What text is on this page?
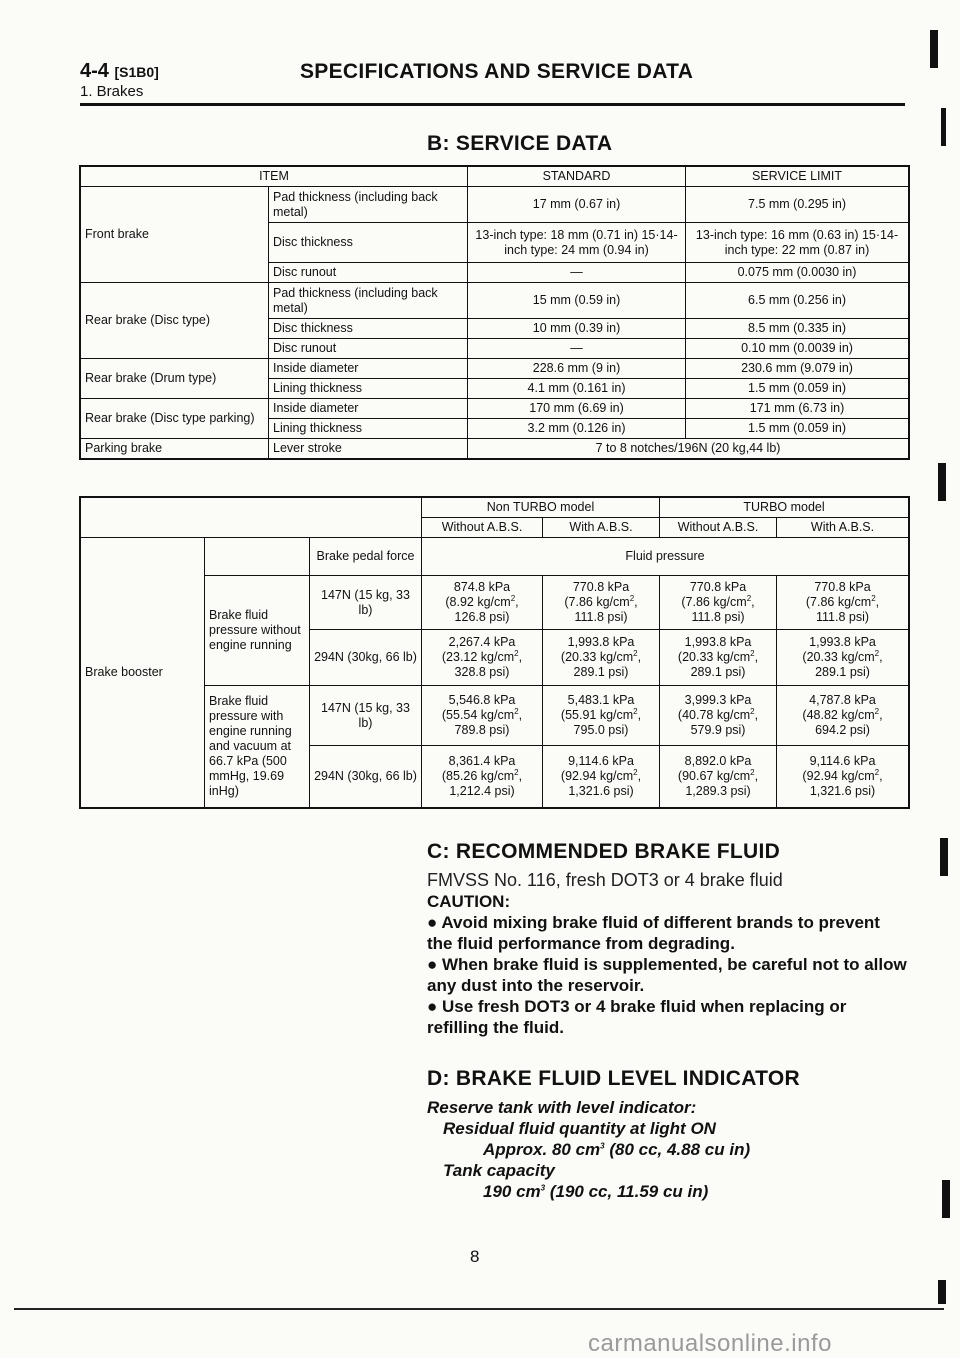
4-4 [S1B0]	SPECIFICATIONS AND SERVICE DATA
1. Brakes
B: SERVICE DATA
ITEM		STANDARD	SERVICE LIMIT
Front brake	Pad thickness (including back metal)	17 mm (0.67 in)	7.5 mm (0.295 in)
	Disc thickness	13-inch type: 18 mm (0.71 in) 15·14-inch type: 24 mm (0.94 in)	13-inch type: 16 mm (0.63 in) 15·14-inch type: 22 mm (0.87 in)
	Disc runout	—	0.075 mm (0.0030 in)
Rear brake (Disc type)	Pad thickness (including back metal)	15 mm (0.59 in)	6.5 mm (0.256 in)
	Disc thickness	10 mm (0.39 in)	8.5 mm (0.335 in)
	Disc runout	—	0.10 mm (0.0039 in)
Rear brake (Drum type)	Inside diameter	228.6 mm (9 in)	230.6 mm (9.079 in)
	Lining thickness	4.1 mm (0.161 in)	1.5 mm (0.059 in)
Rear brake (Disc type parking)	Inside diameter	170 mm (6.69 in)	171 mm (6.73 in)
	Lining thickness	3.2 mm (0.126 in)	1.5 mm (0.059 in)
Parking brake	Lever stroke	7 to 8 notches/196N (20 kg,44 lb)	
			Non TURBO model		TURBO model	
			Without A.B.S.	With A.B.S.	Without A.B.S.	With A.B.S.
Brake booster		Brake pedal force	Fluid pressure			
	Brake fluid pressure without engine running	147N (15 kg, 33 lb)	874.8 kPa
(8.92 $kg/cm^2$,
126.8 psi)	770.8 kPa
(7.86 $kg/cm^2$,
111.8 psi)	770.8 kPa
(7.86 $kg/cm^2$,
111.8 psi)	770.8 kPa
(7.86 $kg/cm^2$,
111.8 psi)
		294N (30kg, 66 lb)	2,267.4 kPa
(23.12 $kg/cm^2$,
328.8 psi)	1,993.8 kPa
(20.33 $kg/cm^2$,
289.1 psi)	1,993.8 kPa
(20.33 $kg/cm^2$,
289.1 psi)	1,993.8 kPa
(20.33 $kg/cm^2$,
289.1 psi)
	Brake fluid pressure with engine running and vacuum at 66.7 kPa (500 mmHg, 19.69 inHg)	147N (15 kg, 33 lb)	5,546.8 kPa
(55.54 $kg/cm^2$,
789.8 psi)	5,483.1 kPa
(55.91 $kg/cm^2$,
795.0 psi)	3,999.3 kPa
(40.78 $kg/cm^2$,
579.9 psi)	4,787.8 kPa
(48.82 $kg/cm^2$,
694.2 psi)
		294N (30kg, 66 lb)	8,361.4 kPa
(85.26 $kg/cm^2$,
1,212.4 psi)	9,114.6 kPa
(92.94 $kg/cm^2$,
1,321.6 psi)	8,892.0 kPa
(90.67 $kg/cm^2$,
1,289.3 psi)	9,114.6 kPa
(92.94 $kg/cm^2$,
1,321.6 psi)
C: RECOMMENDED BRAKE FLUID
FMVSS No. 116, fresh DOT3 or 4 brake fluid
CAUTION:
● Avoid mixing brake fluid of different brands to prevent the fluid performance from degrading.
● When brake fluid is supplemented, be careful not to allow any dust into the reservoir.
● Use fresh DOT3 or 4 brake fluid when replacing or refilling the fluid.
D: BRAKE FLUID LEVEL INDICATOR
Reserve tank with level indicator:
Residual fluid quantity at light ON
Approx. 80 $cm^3$ (80 cc, 4.88 cu in)
Tank capacity
190 $cm^3$ (190 cc, 11.59 cu in)
8
carmanualsonline.info
